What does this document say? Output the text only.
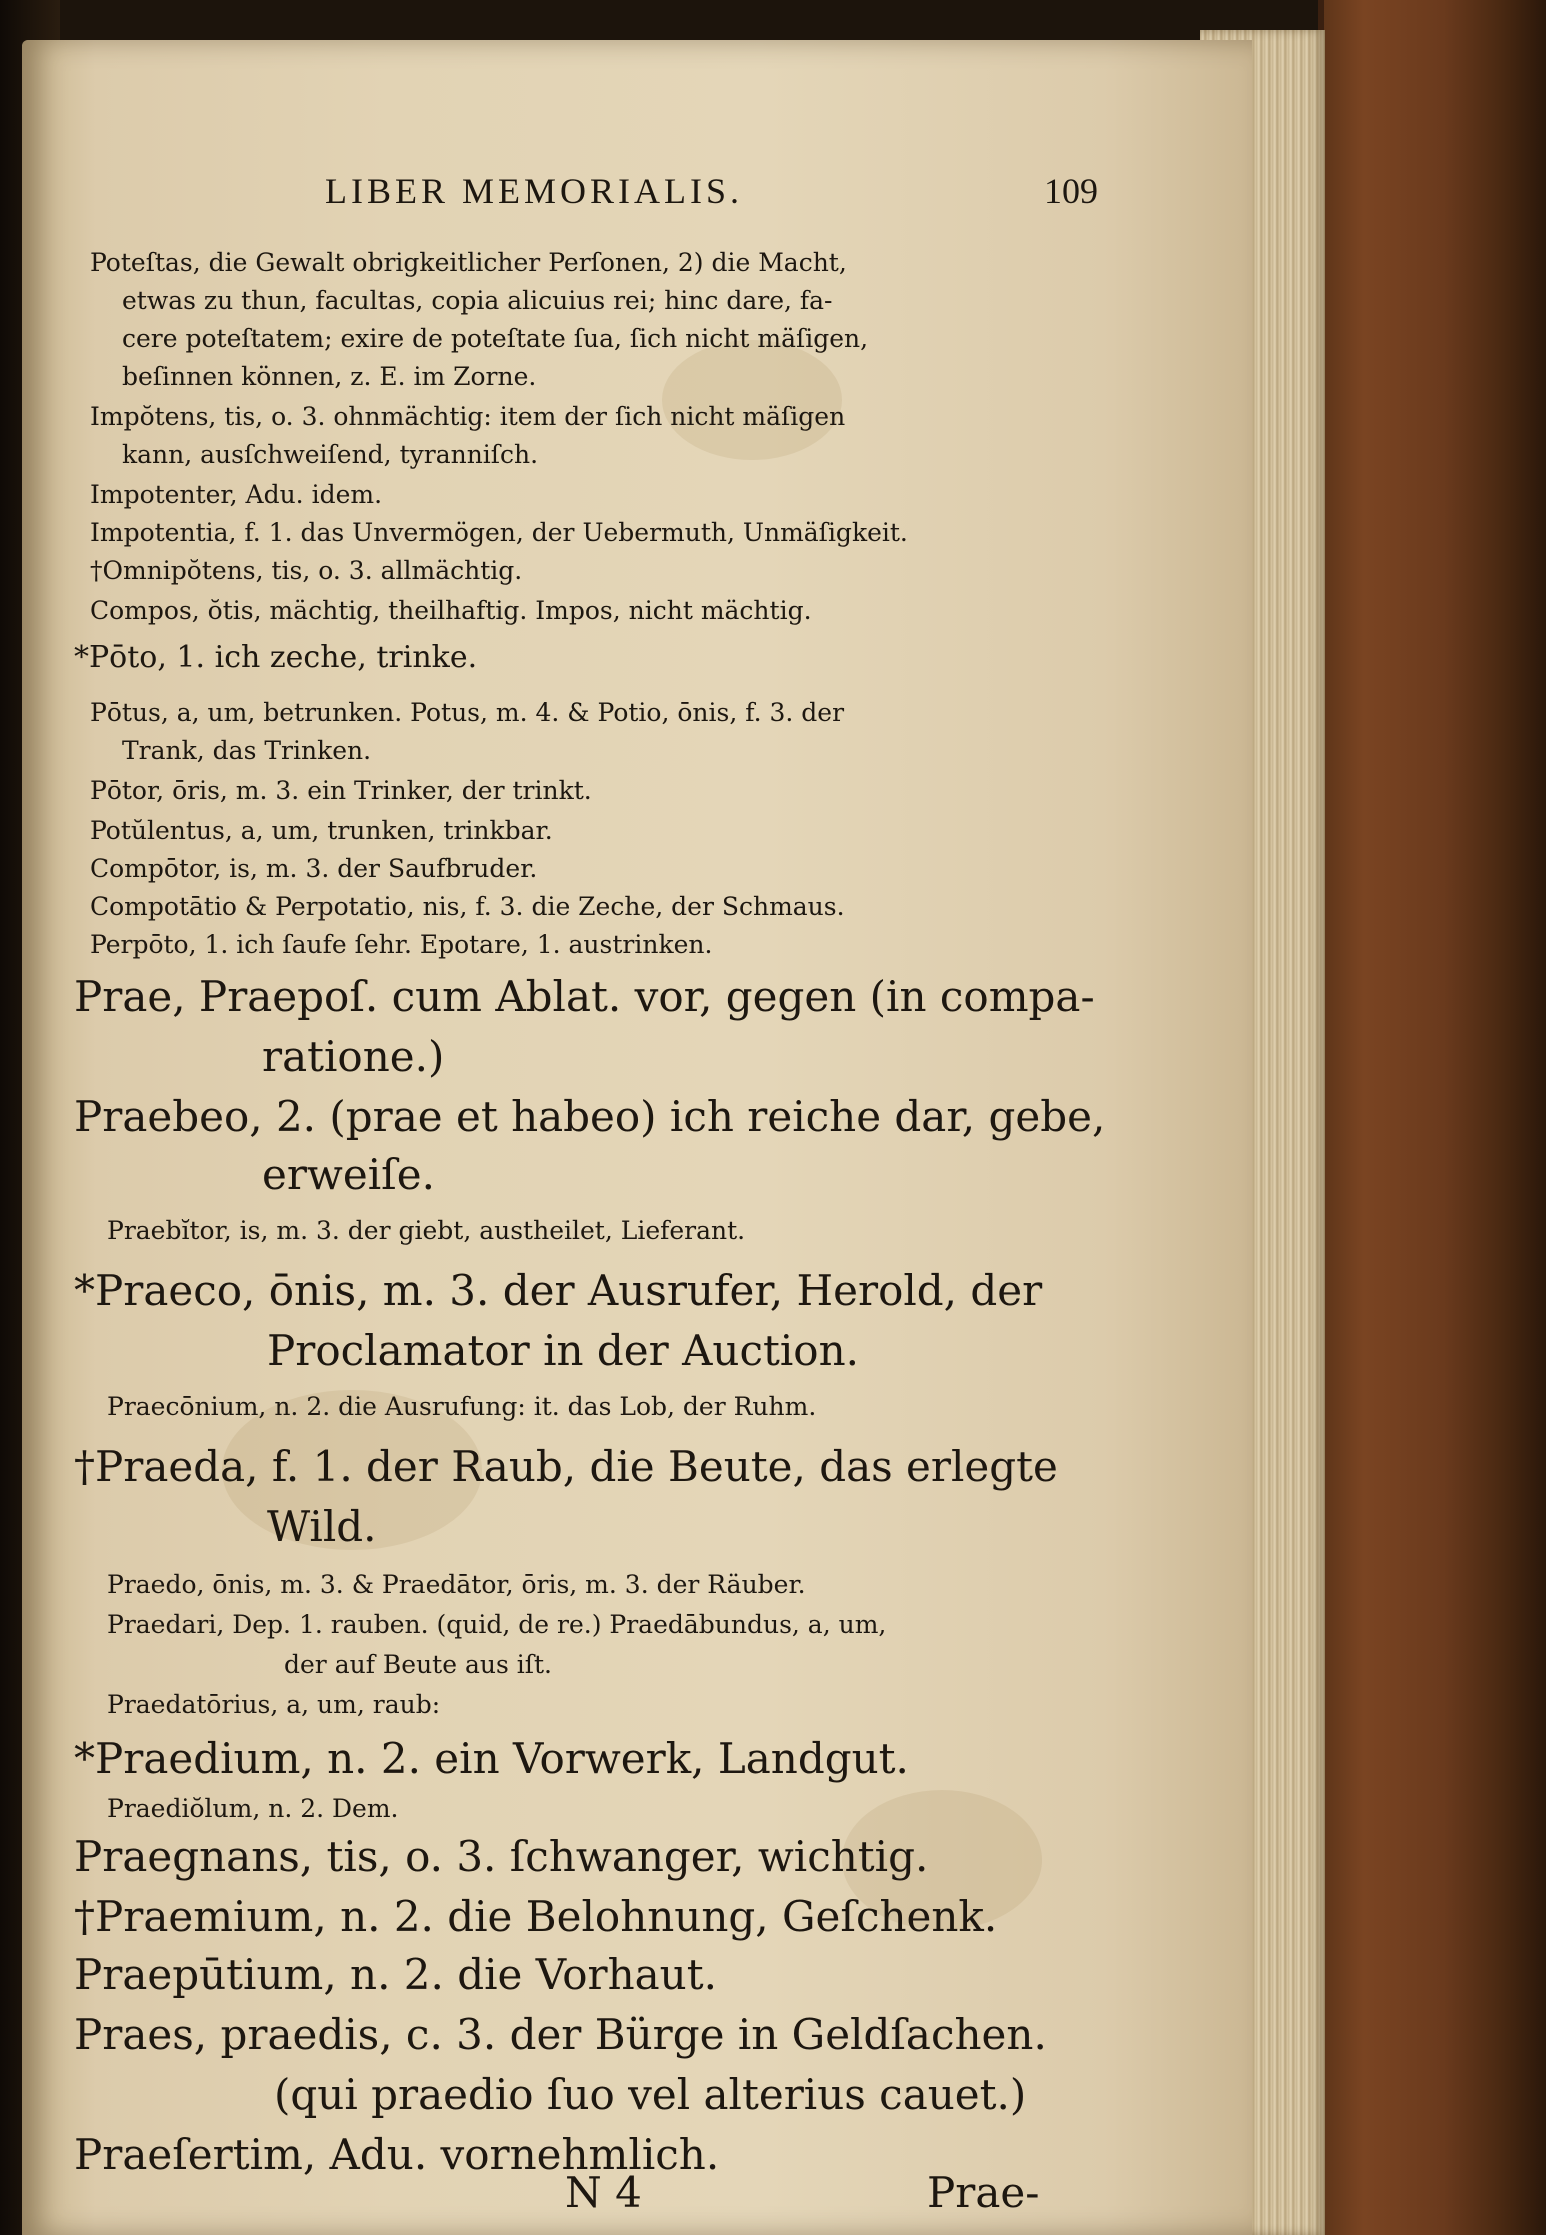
LIBER MEMORIALIS.	109
Poteſtas, die Gewalt obrigkeitlicher Perſonen, 2) die Macht,
etwas zu thun, facultas, copia alicuius rei; hinc dare, fa-
cere poteſtatem; exire de poteſtate ſua, ſich nicht mäſigen,
beſinnen können, z. E. im Zorne.
Impŏtens, tis, o. 3. ohnmächtig: item der ſich nicht mäſigen
kann, ausſchweiſend, tyranniſch.
Impotenter, Adu. idem.
Impotentia, f. 1. das Unvermögen, der Uebermuth, Unmäſigkeit.
†Omnipŏtens, tis, o. 3. allmächtig.
Compos, ŏtis, mächtig, theilhaftig. Impos, nicht mächtig.
*Pōto, 1. ich zeche, trinke.
Pōtus, a, um, betrunken. Potus, m. 4. & Potio, ōnis, f. 3. der
Trank, das Trinken.
Pōtor, ōris, m. 3. ein Trinker, der trinkt.
Potŭlentus, a, um, trunken, trinkbar.
Compōtor, is, m. 3. der Saufbruder.
Compotātio & Perpotatio, nis, f. 3. die Zeche, der Schmaus.
Perpōto, 1. ich ſaufe ſehr. Epotare, 1. austrinken.
Prae, Praepoſ. cum Ablat. vor, gegen (in compa-
ratione.)
Praebeo, 2. (prae et habeo) ich reiche dar, gebe,
erweiſe.
Praebĭtor, is, m. 3. der giebt, austheilet, Lieferant.
*Praeco, ōnis, m. 3. der Ausrufer, Herold, der
Proclamator in der Auction.
Praecōnium, n. 2. die Ausrufung: it. das Lob, der Ruhm.
†Praeda, f. 1. der Raub, die Beute, das erlegte
Wild.
Praedo, ōnis, m. 3. & Praedātor, ōris, m. 3. der Räuber.
Praedari, Dep. 1. rauben. (quid, de re.) Praedābundus, a, um,
der auf Beute aus iſt.
Praedatōrius, a, um, raub:
*Praedium, n. 2. ein Vorwerk, Landgut.
Praediŏlum, n. 2. Dem.
Praegnans, tis, o. 3. ſchwanger, wichtig.
†Praemium, n. 2. die Belohnung, Geſchenk.
Praepūtium, n. 2. die Vorhaut.
Praes, praedis, c. 3. der Bürge in Geldſachen.
(qui praedio ſuo vel alterius cauet.)
Praeſertim, Adu. vornehmlich.
N 4	Prae-
